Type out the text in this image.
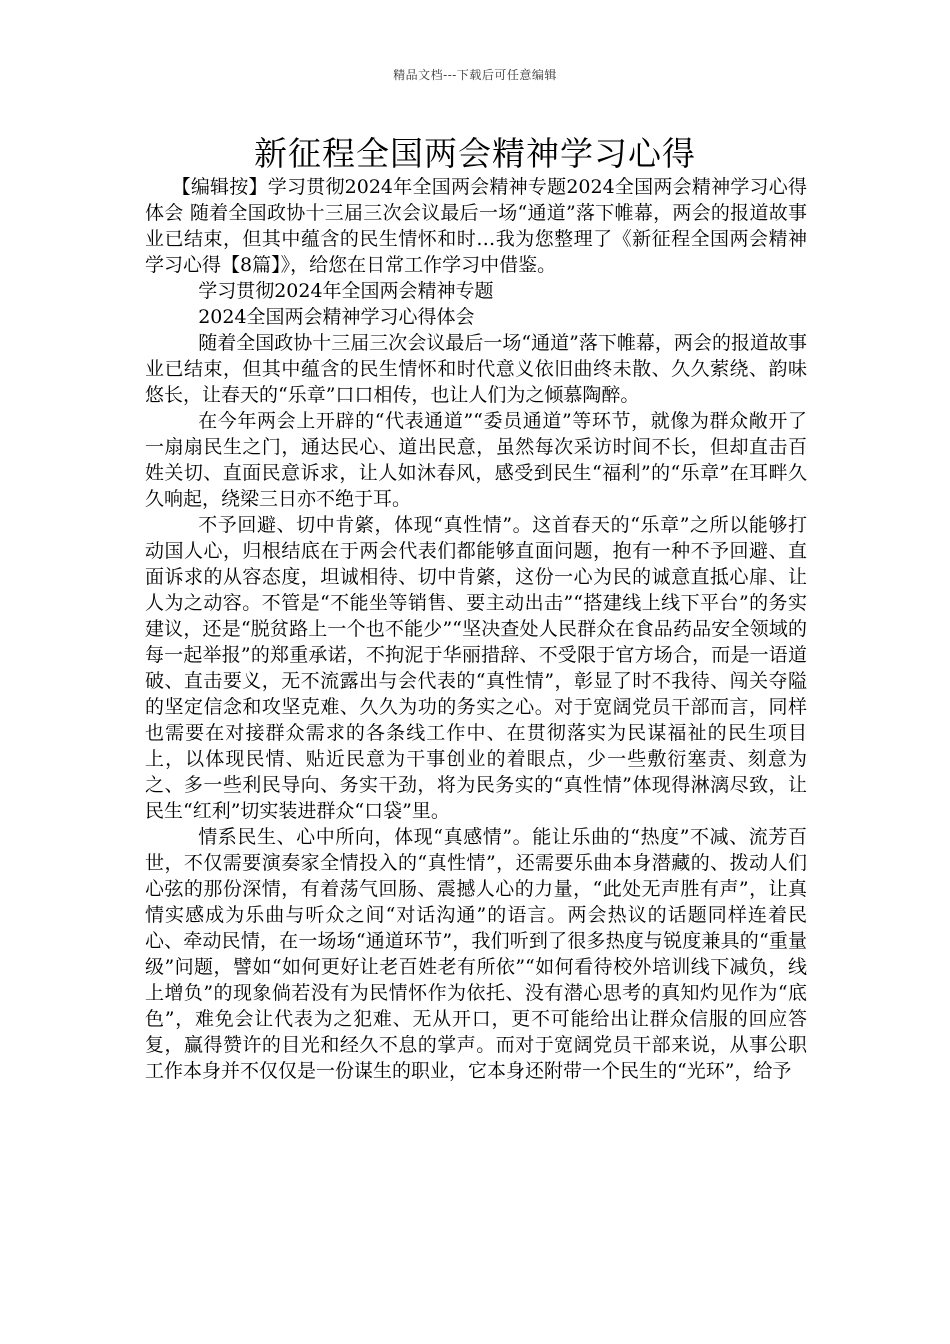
精品文档---下载后可任意编辑
新征程全国两会精神学习心得

【编辑按】学习贯彻2024年全国两会精神专题2024全国两会精神学习心得体会 随着全国政协十三届三次会议最后一场“通道”落下帷幕，两会的报道故事业已结束，但其中蕴含的民生情怀和时…我为您整理了《新征程全国两会精神学习心得【8篇】》，给您在日常工作学习中借鉴。

学习贯彻2024年全国两会精神专题

2024全国两会精神学习心得体会

随着全国政协十三届三次会议最后一场“通道”落下帷幕，两会的报道故事业已结束，但其中蕴含的民生情怀和时代意义依旧曲终未散、久久萦绕、韵味悠长，让春天的“乐章”口口相传，也让人们为之倾慕陶醉。

在今年两会上开辟的“代表通道”“委员通道”等环节，就像为群众敞开了一扇扇民生之门，通达民心、道出民意，虽然每次采访时间不长，但却直击百姓关切、直面民意诉求，让人如沐春风，感受到民生“福利”的“乐章”在耳畔久久响起，绕梁三日亦不绝于耳。

不予回避、切中肯綮，体现“真性情”。这首春天的“乐章”之所以能够打动国人心，归根结底在于两会代表们都能够直面问题，抱有一种不予回避、直面诉求的从容态度，坦诚相待、切中肯綮，这份一心为民的诚意直抵心扉、让人为之动容。不管是“不能坐等销售、要主动出击”“搭建线上线下平台”的务实建议，还是“脱贫路上一个也不能少”“坚决查处人民群众在食品药品安全领域的每一起举报”的郑重承诺，不拘泥于华丽措辞、不受限于官方场合，而是一语道破、直击要义，无不流露出与会代表的“真性情”，彰显了时不我待、闯关夺隘的坚定信念和攻坚克难、久久为功的务实之心。对于宽阔党员干部而言，同样也需要在对接群众需求的各条线工作中、在贯彻落实为民谋福祉的民生项目上，以体现民情、贴近民意为干事创业的着眼点，少一些敷衍塞责、刻意为之、多一些利民导向、务实干劲，将为民务实的“真性情”体现得淋漓尽致，让民生“红利”切实装进群众“口袋”里。

情系民生、心中所向，体现“真感情”。能让乐曲的“热度”不减、流芳百世，不仅需要演奏家全情投入的“真性情”，还需要乐曲本身潜藏的、拨动人们心弦的那份深情，有着荡气回肠、震撼人心的力量，“此处无声胜有声”，让真情实感成为乐曲与听众之间“对话沟通”的语言。两会热议的话题同样连着民心、牵动民情，在一场场“通道环节”，我们听到了很多热度与锐度兼具的“重量级”问题，譬如“如何更好让老百姓老有所依”“如何看待校外培训线下减负，线上增负”的现象倘若没有为民情怀作为依托、没有潜心思考的真知灼见作为“底色”，难免会让代表为之犯难、无从开口，更不可能给出让群众信服的回应答复，赢得赞许的目光和经久不息的掌声。而对于宽阔党员干部来说，从事公职工作本身并不仅仅是一份谋生的职业，它本身还附带一个民生的“光环”，给予
